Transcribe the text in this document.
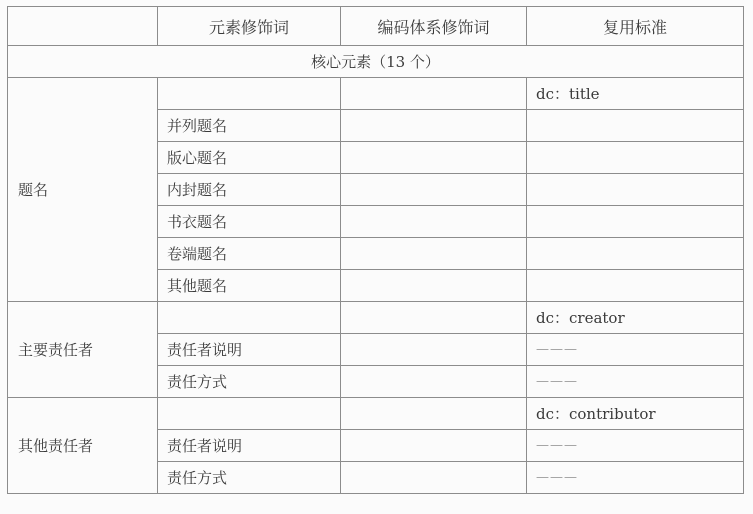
	元素修饰词	编码体系修饰词	复用标准
核心元素（13 个）			
题名			dc：title
	并列题名		
	版心题名		
	内封题名		
	书衣题名		
	卷端题名		
	其他题名		
主要责任者			dc：creator
	责任者说明		———
	责任方式		———
其他责任者			dc：contributor
	责任者说明		———
	责任方式		———
